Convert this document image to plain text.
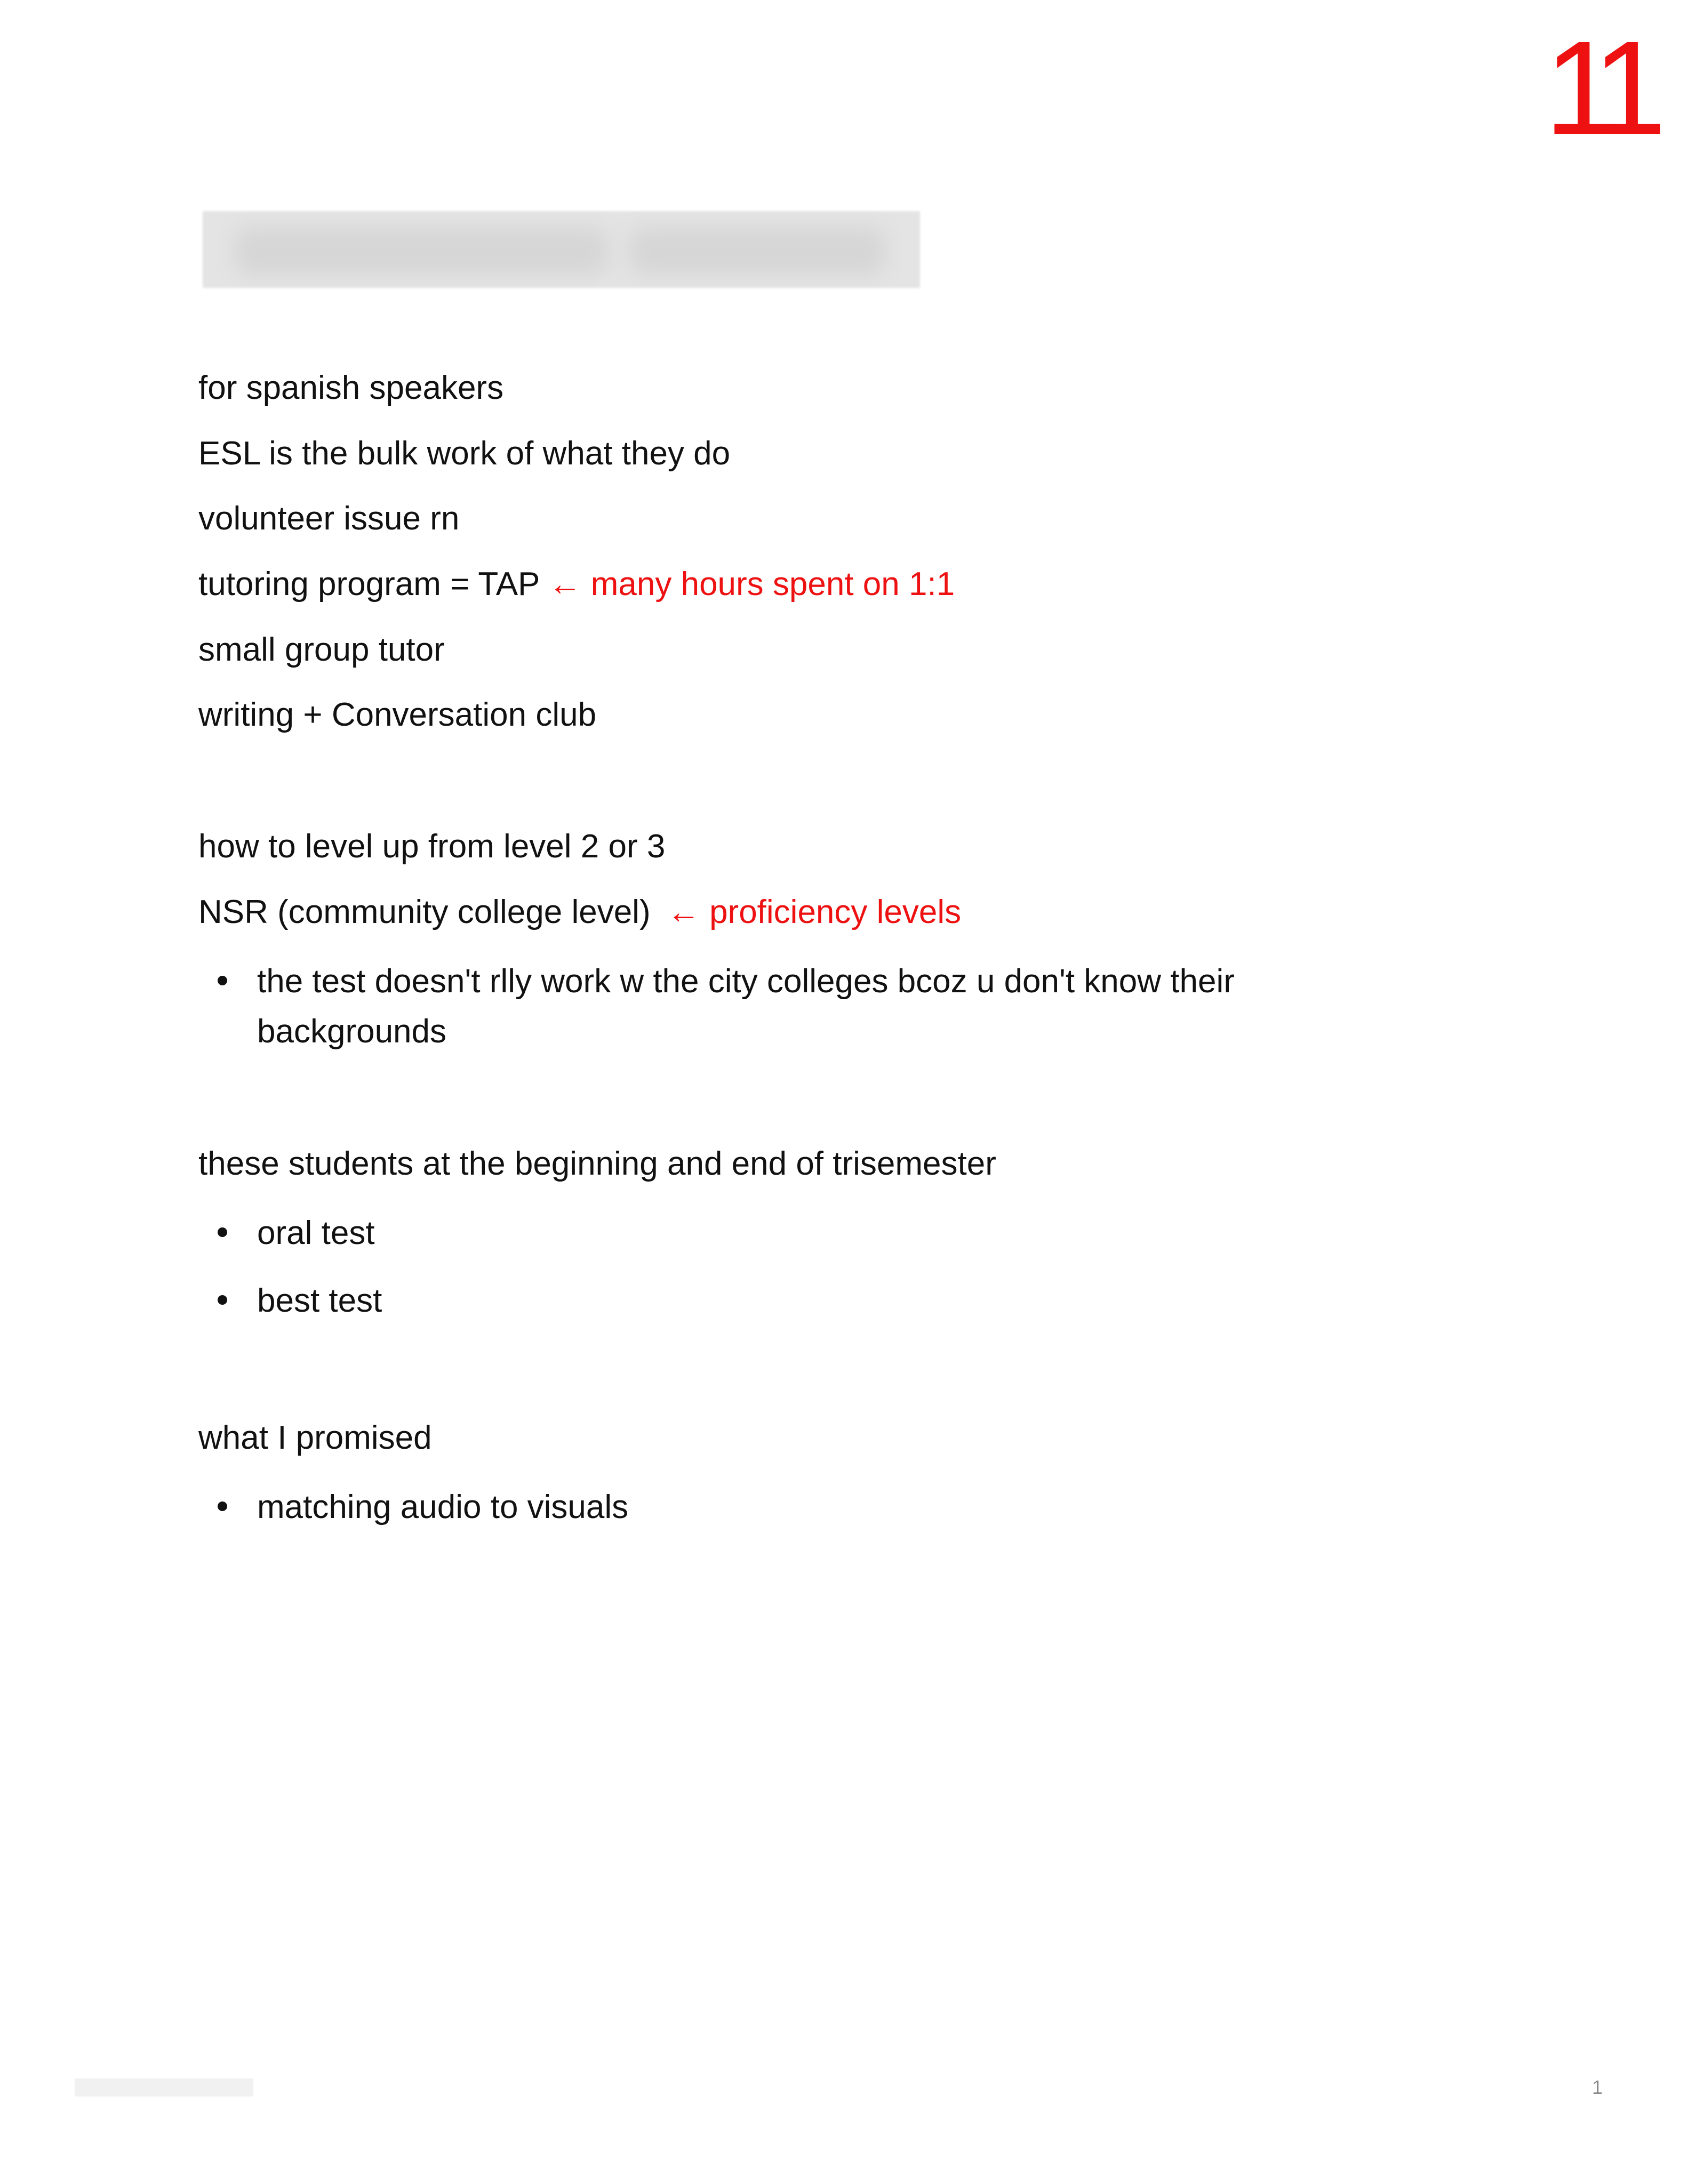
11
for spanish speakers
ESL is the bulk work of what they do
volunteer issue rn
tutoring program = TAP ← many hours spent on 1:1
small group tutor
writing + Conversation club
how to level up from level 2 or 3
NSR (community college level) ← proficiency levels
the test doesn't rlly work w the city colleges bcoz u don't know their backgrounds
these students at the beginning and end of trisemester
oral test
best test
what I promised
matching audio to visuals
1
